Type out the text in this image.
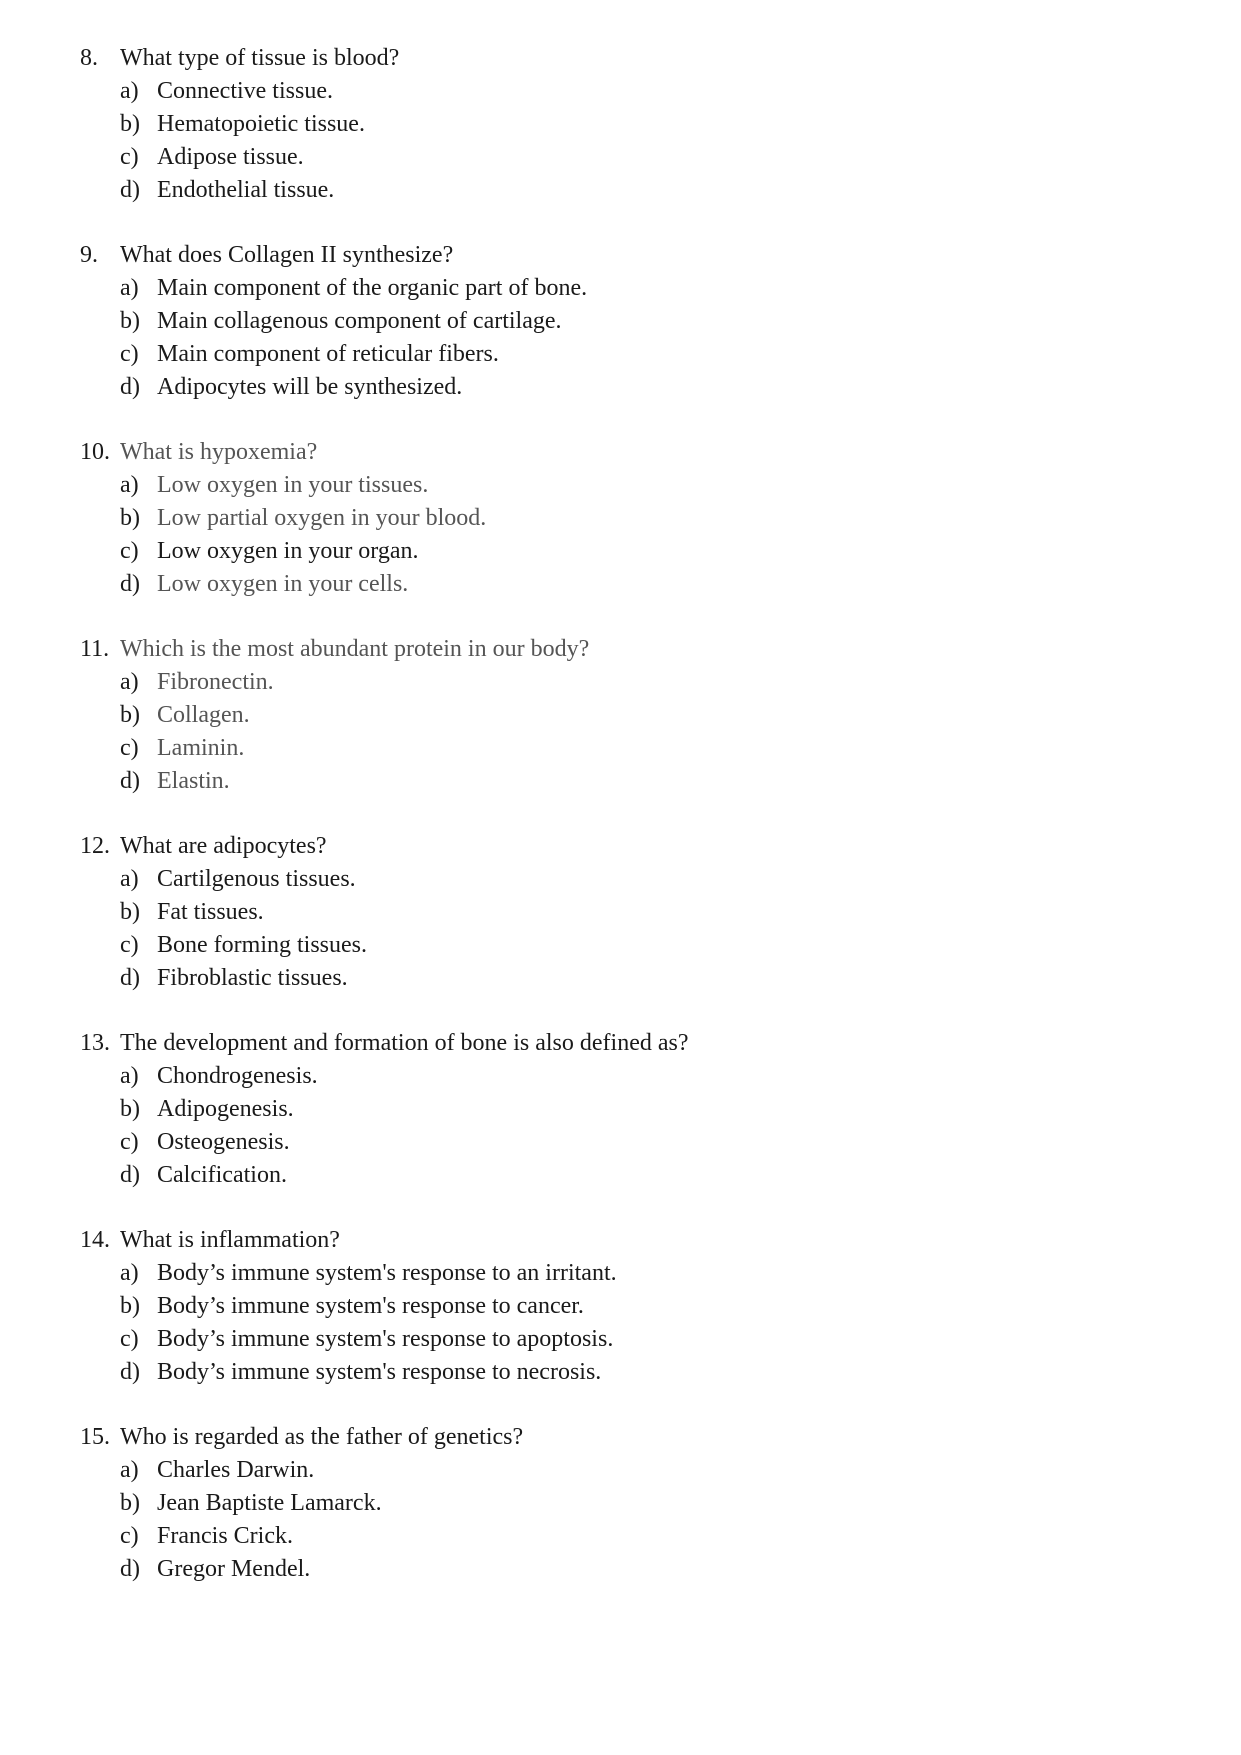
8. What type of tissue is blood?
a) Connective tissue.
b) Hematopoietic tissue.
c) Adipose tissue.
d) Endothelial tissue.
9. What does Collagen II synthesize?
a) Main component of the organic part of bone.
b) Main collagenous component of cartilage.
c) Main component of reticular fibers.
d) Adipocytes will be synthesized.
10. What is hypoxemia?
a) Low oxygen in your tissues.
b) Low partial oxygen in your blood.
c) Low oxygen in your organ.
d) Low oxygen in your cells.
11. Which is the most abundant protein in our body?
a) Fibronectin.
b) Collagen.
c) Laminin.
d) Elastin.
12. What are adipocytes?
a) Cartilgenous tissues.
b) Fat tissues.
c) Bone forming tissues.
d) Fibroblastic tissues.
13. The development and formation of bone is also defined as?
a) Chondrogenesis.
b) Adipogenesis.
c) Osteogenesis.
d) Calcification.
14. What is inflammation?
a) Body’s immune system's response to an irritant.
b) Body’s immune system's response to cancer.
c) Body’s immune system's response to apoptosis.
d) Body’s immune system's response to necrosis.
15. Who is regarded as the father of genetics?
a) Charles Darwin.
b) Jean Baptiste Lamarck.
c) Francis Crick.
d) Gregor Mendel.
